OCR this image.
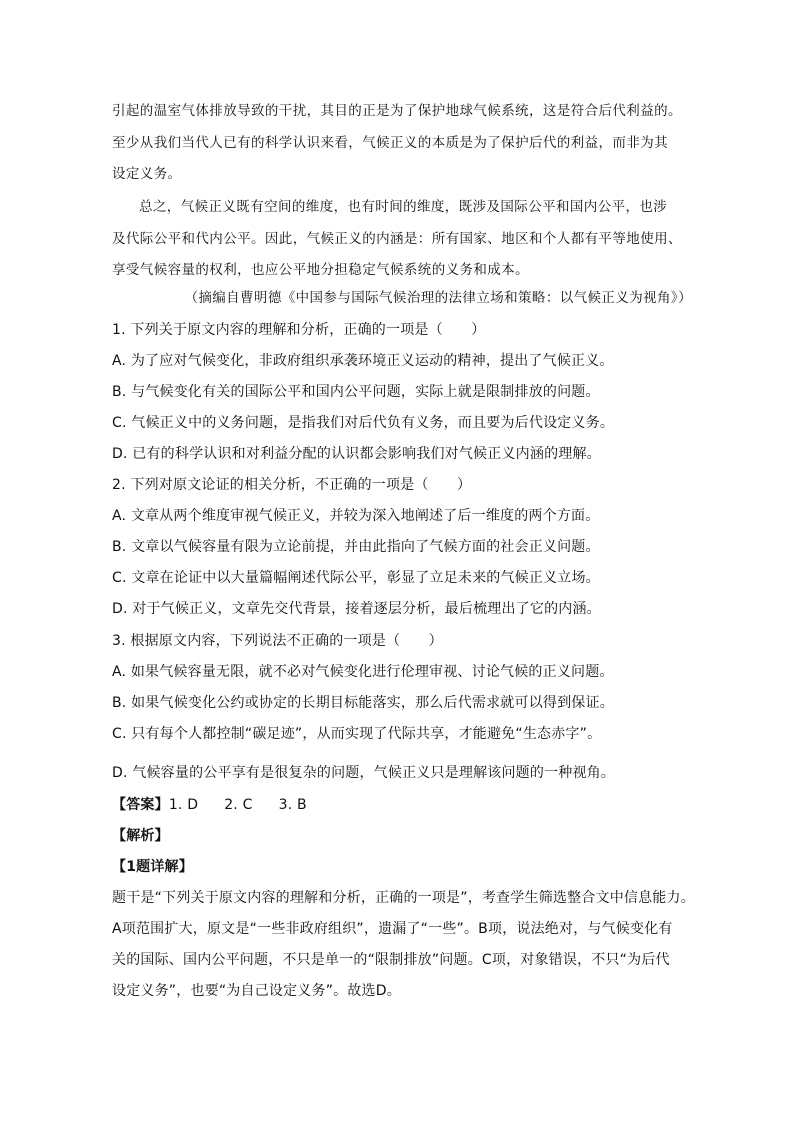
引起的温室气体排放导致的干扰，其目的正是为了保护地球气候系统，这是符合后代利益的。

至少从我们当代人已有的科学认识来看，气候正义的本质是为了保护后代的利益，而非为其

设定义务。

总之，气候正义既有空间的维度，也有时间的维度，既涉及国际公平和国内公平，也涉

及代际公平和代内公平。因此，气候正义的内涵是：所有国家、地区和个人都有平等地使用、

享受气候容量的权利，也应公平地分担稳定气候系统的义务和成本。

（摘编自曹明德《中国参与国际气候治理的法律立场和策略：以气候正义为视角》）

1. 下列关于原文内容的理解和分析，正确的一项是（　　）

A. 为了应对气候变化，非政府组织承袭环境正义运动的精神，提出了气候正义。

B. 与气候变化有关的国际公平和国内公平问题，实际上就是限制排放的问题。

C. 气候正义中的义务问题，是指我们对后代负有义务，而且要为后代设定义务。

D. 已有的科学认识和对利益分配的认识都会影响我们对气候正义内涵的理解。

2. 下列对原文论证的相关分析，不正确的一项是（　　）

A. 文章从两个维度审视气候正义，并较为深入地阐述了后一维度的两个方面。

B. 文章以气候容量有限为立论前提，并由此指向了气候方面的社会正义问题。

C. 文章在论证中以大量篇幅阐述代际公平，彰显了立足未来的气候正义立场。

D. 对于气候正义，文章先交代背景，接着逐层分析，最后梳理出了它的内涵。

3. 根据原文内容，下列说法不正确的一项是（　　）

A. 如果气候容量无限，就不必对气候变化进行伦理审视、讨论气候的正义问题。

B. 如果气候变化公约或协定的长期目标能落实，那么后代需求就可以得到保证。

C. 只有每个人都控制“碳足迹”，从而实现了代际共享，才能避免“生态赤字”。

D. 气候容量的公平享有是很复杂的问题，气候正义只是理解该问题的一种视角。

【答案】1. D 2. C 3. B

【解析】

【1题详解】

题干是“下列关于原文内容的理解和分析，正确的一项是”，考查学生筛选整合文中信息能力。

A项范围扩大，原文是“一些非政府组织”，遗漏了“一些”。B项，说法绝对，与气候变化有

关的国际、国内公平问题，不只是单一的“限制排放”问题。C项，对象错误，不只“为后代

设定义务”，也要“为自己设定义务”。故选D。
